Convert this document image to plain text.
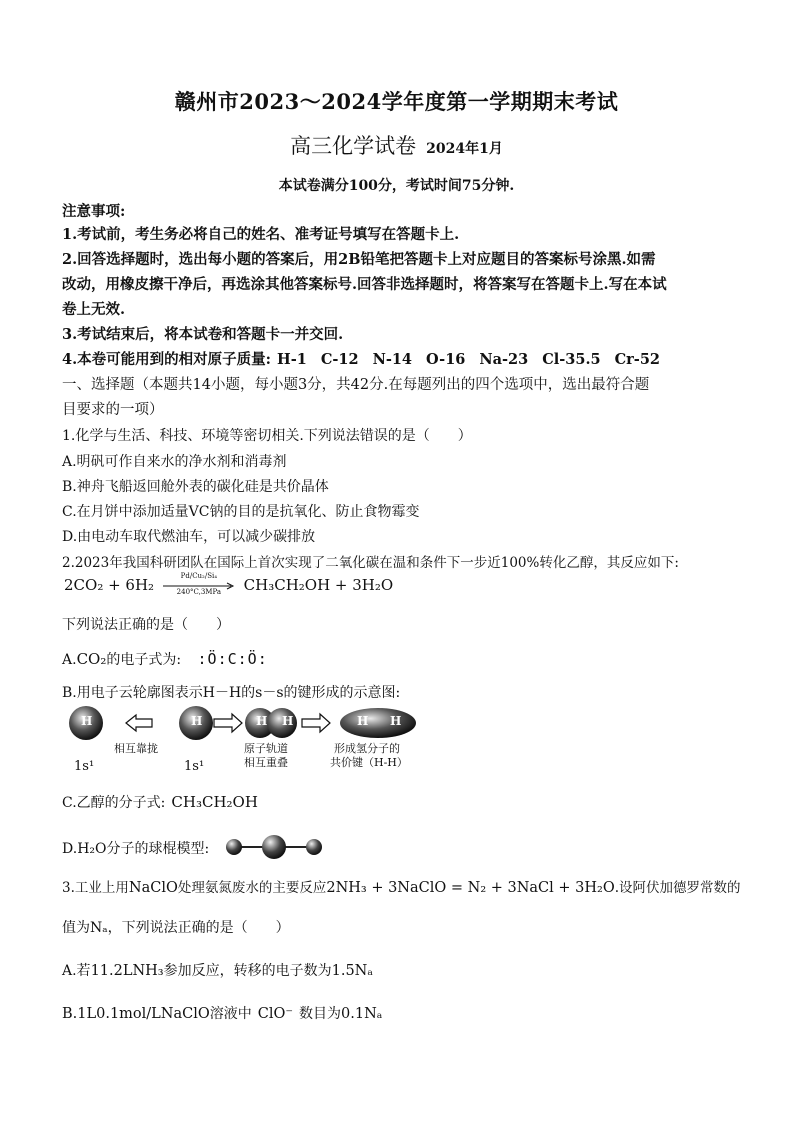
赣州市2023～2024学年度第一学期期末考试
高三化学试卷 2024年1月
本试卷满分100分，考试时间75分钟.
注意事项:
1.考试前，考生务必将自己的姓名、准考证号填写在答题卡上.
2.回答选择题时，选出每小题的答案后，用2B铅笔把答题卡上对应题目的答案标号涂黑.如需
改动，用橡皮擦干净后，再选涂其他答案标号.回答非选择题时，将答案写在答题卡上.写在本试
卷上无效.
3.考试结束后，将本试卷和答题卡一并交回.
4.本卷可能用到的相对原子质量: H-1 C-12 N-14 O-16 Na-23 Cl-35.5 Cr-52
一、选择题（本题共14小题，每小题3分，共42分.在每题列出的四个选项中，选出最符合题
目要求的一项）
1.化学与生活、科技、环境等密切相关.下列说法错误的是（　　）
A.明矾可作自来水的净水剂和消毒剂
B.神舟飞船返回舱外表的碳化硅是共价晶体
C.在月饼中添加适量VC钠的目的是抗氧化、防止食物霉变
D.由电动车取代燃油车，可以减少碳排放
2.2023年我国科研团队在国际上首次实现了二氧化碳在温和条件下一步近100%转化乙醇，其反应如下:
2CO₂ + 6H₂	Pd/Cu₂/Si₄
240°C,3MPa	CH₃CH₂OH + 3H₂O
下列说法正确的是（　　）
A.CO₂的电子式为: :Ö:C:Ö:
B.用电子云轮廓图表示H－H的s－s的键形成的示意图:
H	H	H H	H H
相互靠拢	原子轨道
相互重叠
形成氢分子的
共价键（H-H）
1s¹	1s¹
C.乙醇的分子式: CH₃CH₂OH
D.H₂O分子的球棍模型:
3.工业上用NaClO处理氨氮废水的主要反应2NH₃ + 3NaClO = N₂ + 3NaCl + 3H₂O.设阿伏加德罗常数的
值为Nₐ，下列说法正确的是（　　）
A.若11.2LNH₃参加反应，转移的电子数为1.5Nₐ
B.1L0.1mol/LNaClO溶液中 ClO⁻ 数目为0.1Nₐ
